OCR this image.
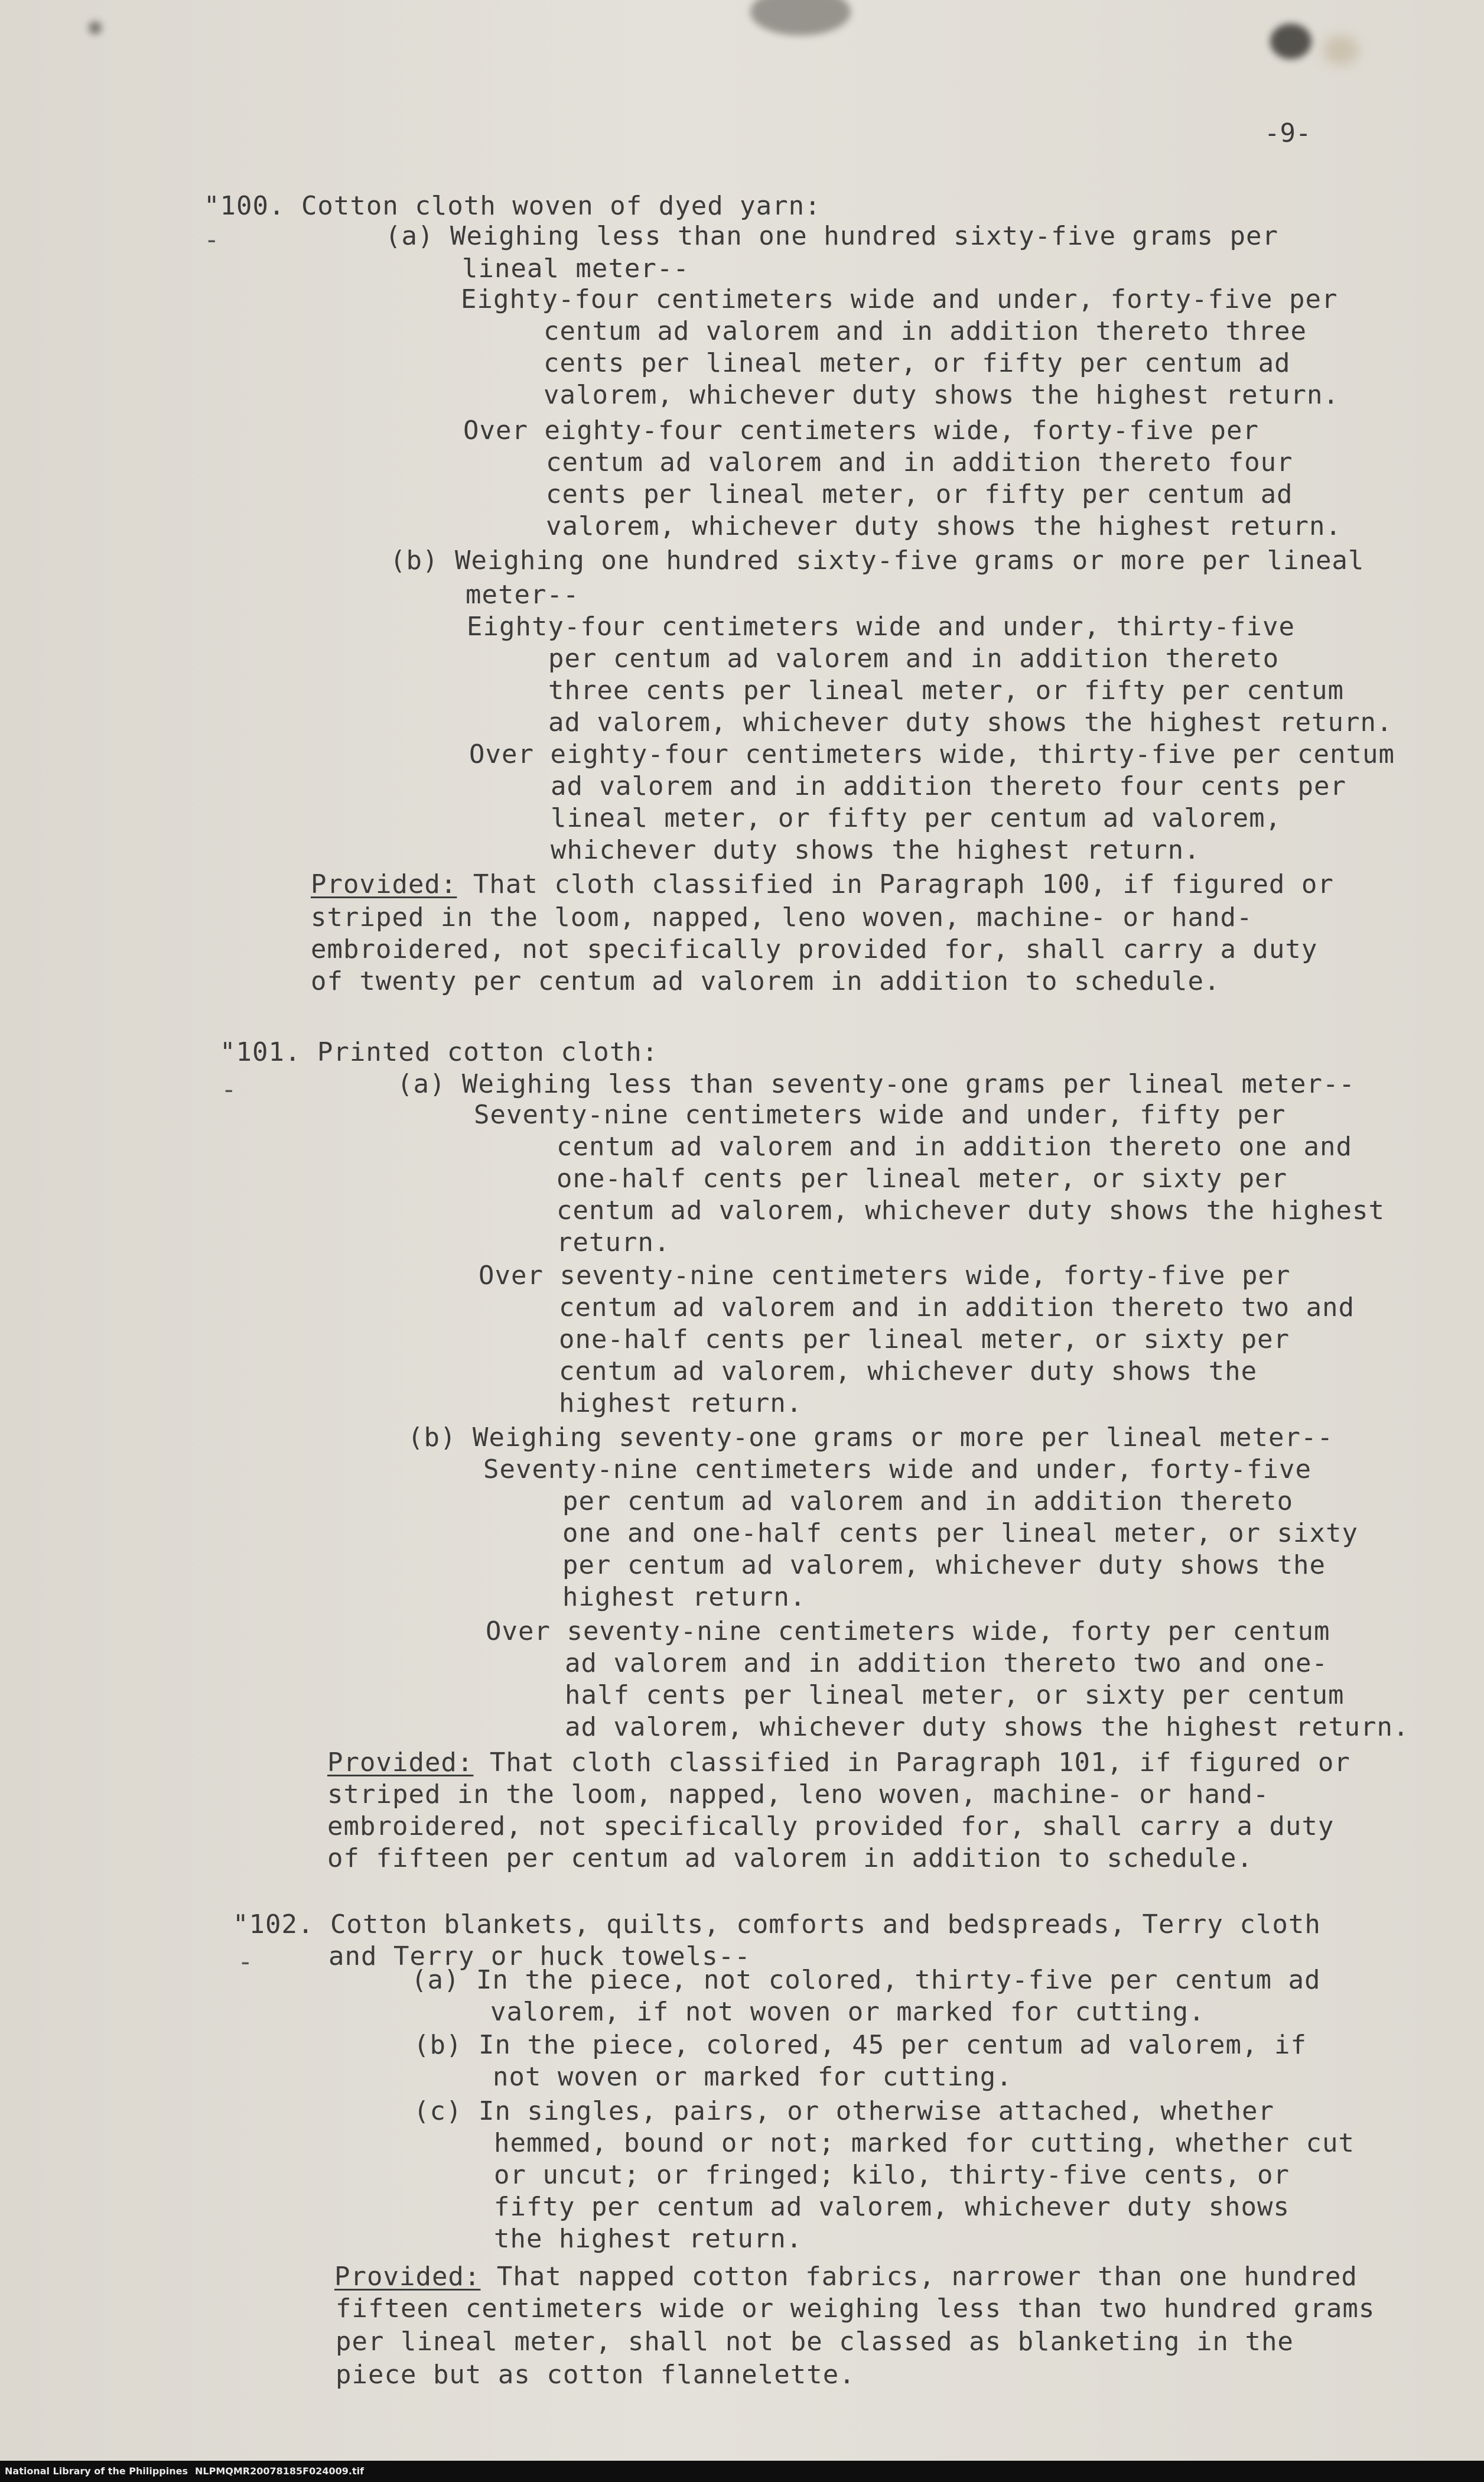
-9-
"100. Cotton cloth woven of dyed yarn:
-	(a) Weighing less than one hundred sixty-five grams per
lineal meter--
Eighty-four centimeters wide and under, forty-five per
centum ad valorem and in addition thereto three
cents per lineal meter, or fifty per centum ad
valorem, whichever duty shows the highest return.
Over eighty-four centimeters wide, forty-five per
centum ad valorem and in addition thereto four
cents per lineal meter, or fifty per centum ad
valorem, whichever duty shows the highest return.
(b) Weighing one hundred sixty-five grams or more per lineal
meter--
Eighty-four centimeters wide and under, thirty-five
per centum ad valorem and in addition thereto
three cents per lineal meter, or fifty per centum
ad valorem, whichever duty shows the highest return.
Over eighty-four centimeters wide, thirty-five per centum
ad valorem and in addition thereto four cents per
lineal meter, or fifty per centum ad valorem,
whichever duty shows the highest return.
Provided: That cloth classified in Paragraph 100, if figured or
striped in the loom, napped, leno woven, machine- or hand-
embroidered, not specifically provided for, shall carry a duty
of twenty per centum ad valorem in addition to schedule.
"101. Printed cotton cloth:
-	(a) Weighing less than seventy-one grams per lineal meter--
Seventy-nine centimeters wide and under, fifty per
centum ad valorem and in addition thereto one and
one-half cents per lineal meter, or sixty per
centum ad valorem, whichever duty shows the highest
return.
Over seventy-nine centimeters wide, forty-five per
centum ad valorem and in addition thereto two and
one-half cents per lineal meter, or sixty per
centum ad valorem, whichever duty shows the
highest return.
(b) Weighing seventy-one grams or more per lineal meter--
Seventy-nine centimeters wide and under, forty-five
per centum ad valorem and in addition thereto
one and one-half cents per lineal meter, or sixty
per centum ad valorem, whichever duty shows the
highest return.
Over seventy-nine centimeters wide, forty per centum
ad valorem and in addition thereto two and one-
half cents per lineal meter, or sixty per centum
ad valorem, whichever duty shows the highest return.
Provided: That cloth classified in Paragraph 101, if figured or
striped in the loom, napped, leno woven, machine- or hand-
embroidered, not specifically provided for, shall carry a duty
of fifteen per centum ad valorem in addition to schedule.
"102. Cotton blankets, quilts, comforts and bedspreads, Terry cloth
and Terry or huck towels--
-
(a) In the piece, not colored, thirty-five per centum ad
valorem, if not woven or marked for cutting.
(b) In the piece, colored, 45 per centum ad valorem, if
not woven or marked for cutting.
(c) In singles, pairs, or otherwise attached, whether
hemmed, bound or not; marked for cutting, whether cut
or uncut; or fringed; kilo, thirty-five cents, or
fifty per centum ad valorem, whichever duty shows
the highest return.
Provided: That napped cotton fabrics, narrower than one hundred
fifteen centimeters wide or weighing less than two hundred grams
per lineal meter, shall not be classed as blanketing in the
piece but as cotton flannelette.
National Library of the Philippines NLPMQMR20078185F024009.tif
